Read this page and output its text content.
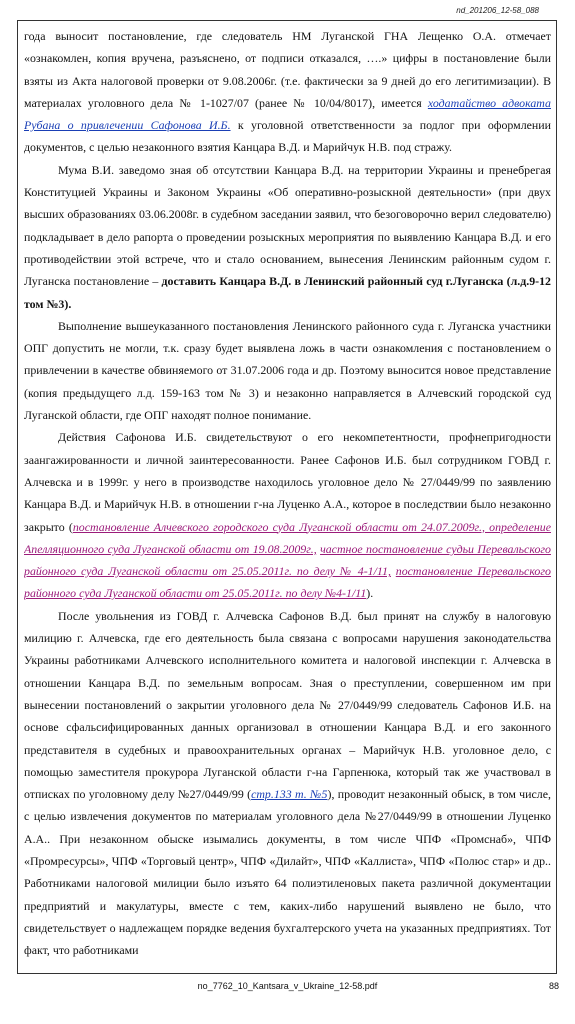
nd_201206_12-58_088

года выносит постановление, где следователь НМ Луганской ГНА Лещенко О.А. отмечает «ознакомлен, копия вручена, разъяснено, от подписи отказался, ….» цифры в постановление были взяты из Акта налоговой проверки от 9.08.2006г. (т.е. фактически за 9 дней до его легитимизации). В материалах уголовного дела № 1-1027/07 (ранее № 10/04/8017), имеется ходатайство адвоката Рубана о привлечении Сафонова И.Б. к уголовной ответственности за подлог при оформлении документов, с целью незаконного взятия Канцара В.Д. и Марийчук Н.В. под стражу.

Мума В.И. заведомо зная об отсутствии Канцара В.Д. на территории Украины и пренебрегая Конституцией Украины и Законом Украины «Об оперативно-розыскной деятельности» (при двух высших образованиях 03.06.2008г. в судебном заседании заявил, что безоговорочно верил следователю) подкладывает в дело рапорта о проведении розыскных мероприятия по выявлению Канцара В.Д. и его противодействии этой встрече, что и стало основанием, вынесения Ленинским районным судом г. Луганска постановление – доставить Канцара В.Д. в Ленинский районный суд г.Луганска (л.д.9-12 том №3).

Выполнение вышеуказанного постановления Ленинского районного суда г. Луганска участники ОПГ допустить не могли, т.к. сразу будет выявлена ложь в части ознакомления с постановлением о привлечении в качестве обвиняемого от 31.07.2006 года и др. Поэтому выносится новое представление (копия предыдущего л.д. 159-163 том № 3) и незаконно направляется в Алчевский городской суд Луганской области, где ОПГ находят полное понимание.

Действия Сафонова И.Б. свидетельствуют о его некомпетентности, профнепригодности заангажированности и личной заинтересованности. Ранее Сафонов И.Б. был сотрудником ГОВД г. Алчевска и в 1999г. у него в производстве находилось уголовное дело № 27/0449/99 по заявлению Канцара В.Д. и Марийчук Н.В. в отношении г-на Луценко А.А., которое в последствии было незаконно закрыто (постановление Алчевского городского суда Луганской области от 24.07.2009г., определение Апелляционного суда Луганской области от 19.08.2009г., частное постановление судьи Перевальского районного суда Луганской области от 25.05.2011г. по делу № 4-1/11, постановление Перевальского районного суда Луганской области от 25.05.2011г. по делу №4-1/11).

После увольнения из ГОВД г. Алчевска Сафонов В.Д. был принят на службу в налоговую милицию г. Алчевска, где его деятельность была связана с вопросами нарушения законодательства Украины работниками Алчевского исполнительного комитета и налоговой инспекции г. Алчевска в отношении Канцара В.Д. по земельным вопросам. Зная о преступлении, совершенном им при вынесении постановлений о закрытии уголовного дела № 27/0449/99 следователь Сафонов И.Б. на основе сфальсифицированных данных организовал в отношении Канцара В.Д. и его законного представителя в судебных и правоохранительных органах – Марийчук Н.В. уголовное дело, с помощью заместителя прокурора Луганской области г-на Гарпенюка, который так же участвовал в отписках по уголовному делу №27/0449/99 (стр.133 т. №5), проводит незаконный обыск, в том числе, с целью извлечения документов по материалам уголовного дела №27/0449/99 в отношении Луценко А.А.. При незаконном обыске изымались документы, в том числе ЧПФ «Промснаб», ЧПФ «Промресурсы», ЧПФ «Торговый центр», ЧПФ «Дилайт», ЧПФ «Каллиста», ЧПФ «Полюс стар» и др.. Работниками налоговой милиции было изъято 64 полиэтиленовых пакета различной документации предприятий и макулатуры, вместе с тем, каких-либо нарушений выявлено не было, что свидетельствует о надлежащем порядке ведения бухгалтерского учета на указанных предприятиях. Тот факт, что работниками

no_7762_10_Kantsara_v_Ukraine_12-58.pdf	88
